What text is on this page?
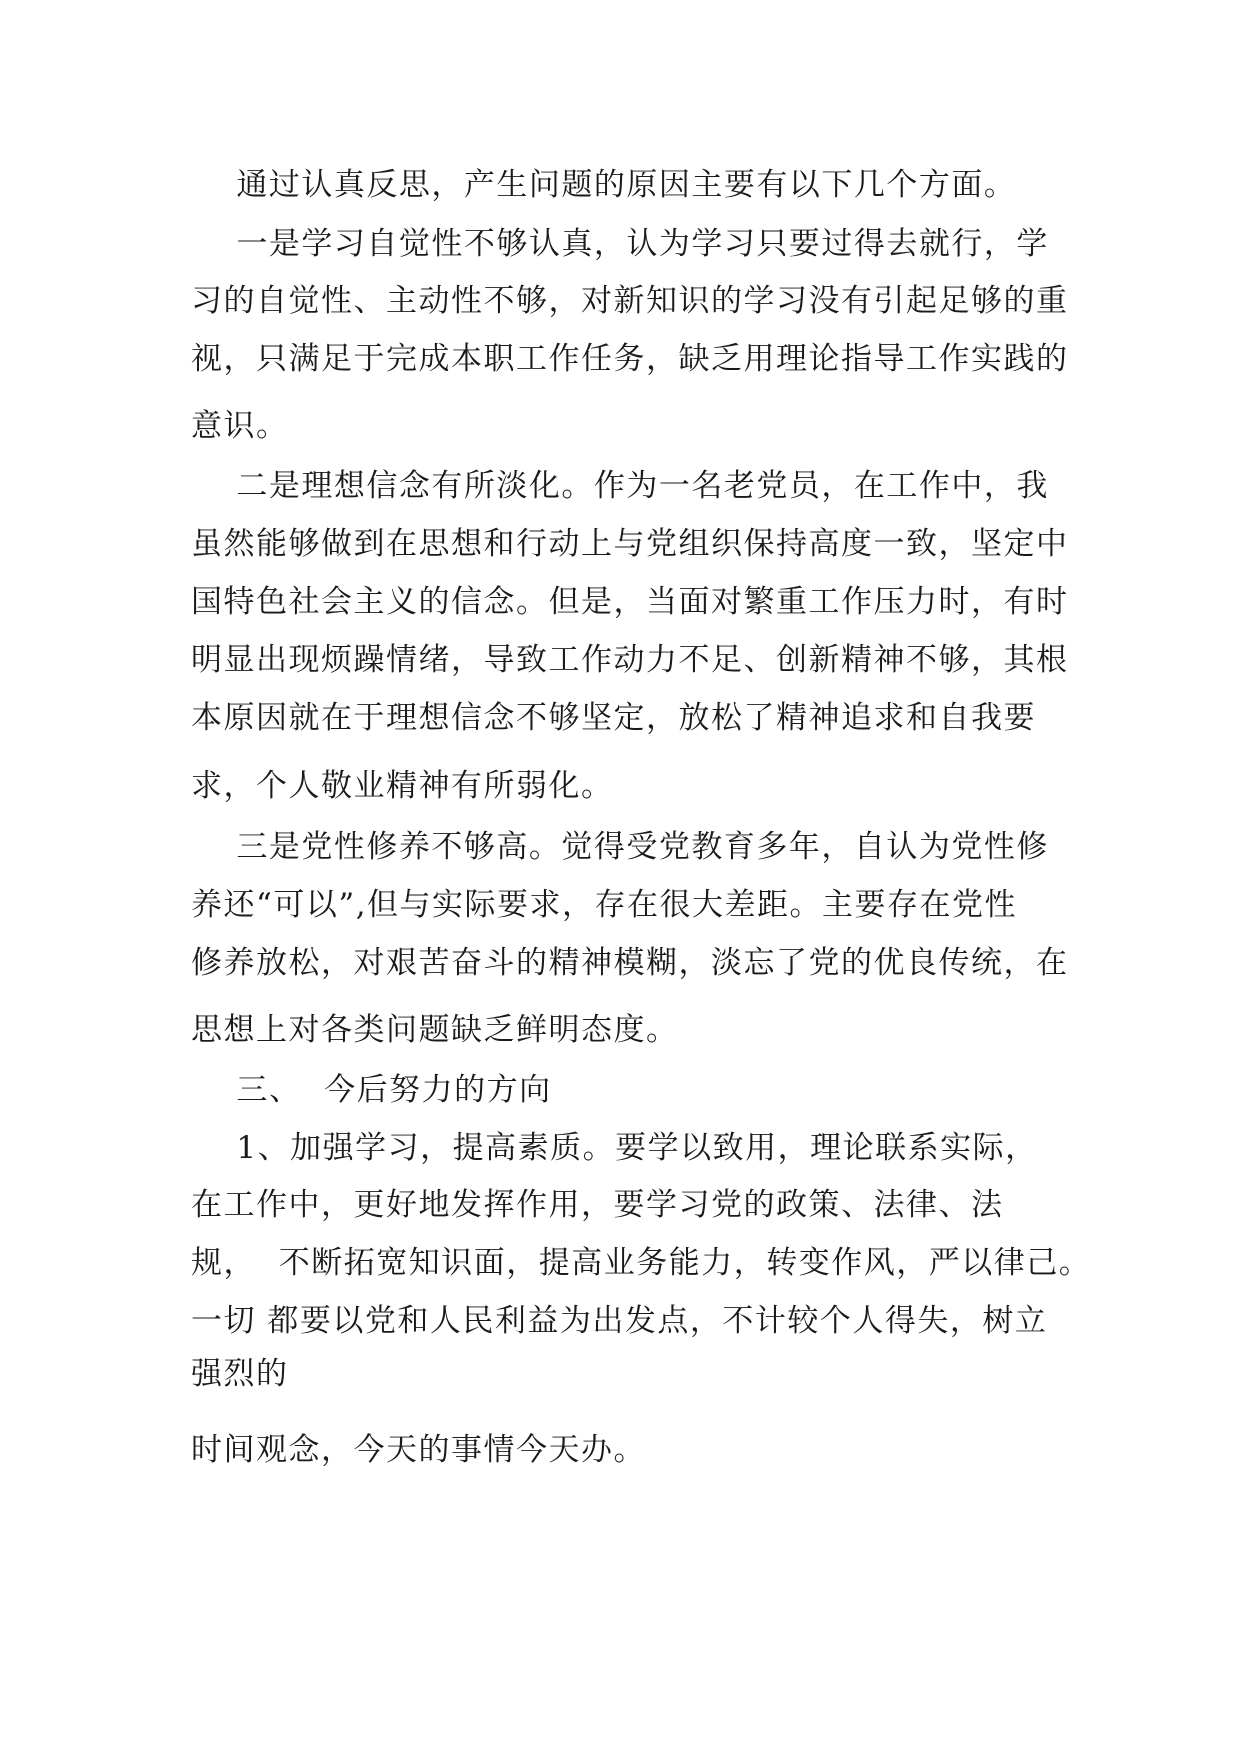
通过认真反思，产生问题的原因主要有以下几个方面。
一是学习自觉性不够认真，认为学习只要过得去就行，学
习的自觉性、主动性不够，对新知识的学习没有引起足够的重
视，只满足于完成本职工作任务，缺乏用理论指导工作实践的
意识。
二是理想信念有所淡化。作为一名老党员，在工作中，我
虽然能够做到在思想和行动上与党组织保持高度一致，坚定中
国特色社会主义的信念。但是，当面对繁重工作压力时，有时
明显出现烦躁情绪，导致工作动力不足、创新精神不够，其根
本原因就在于理想信念不够坚定，放松了精神追求和自我要
求，个人敬业精神有所弱化。
三是党性修养不够高。觉得受党教育多年，自认为党性修
养还“可以”,但与实际要求，存在很大差距。主要存在党性
修养放松，对艰苦奋斗的精神模糊，淡忘了党的优良传统，在
思想上对各类问题缺乏鲜明态度。
三、  今后努力的方向
1、加强学习，提高素质。要学以致用，理论联系实际，
在工作中，更好地发挥作用，要学习党的政策、法律、法
规，  不断拓宽知识面，提高业务能力，转变作风，严以律己。
一切 都要以党和人民利益为出发点，不计较个人得失，树立
强烈的
时间观念，今天的事情今天办。
